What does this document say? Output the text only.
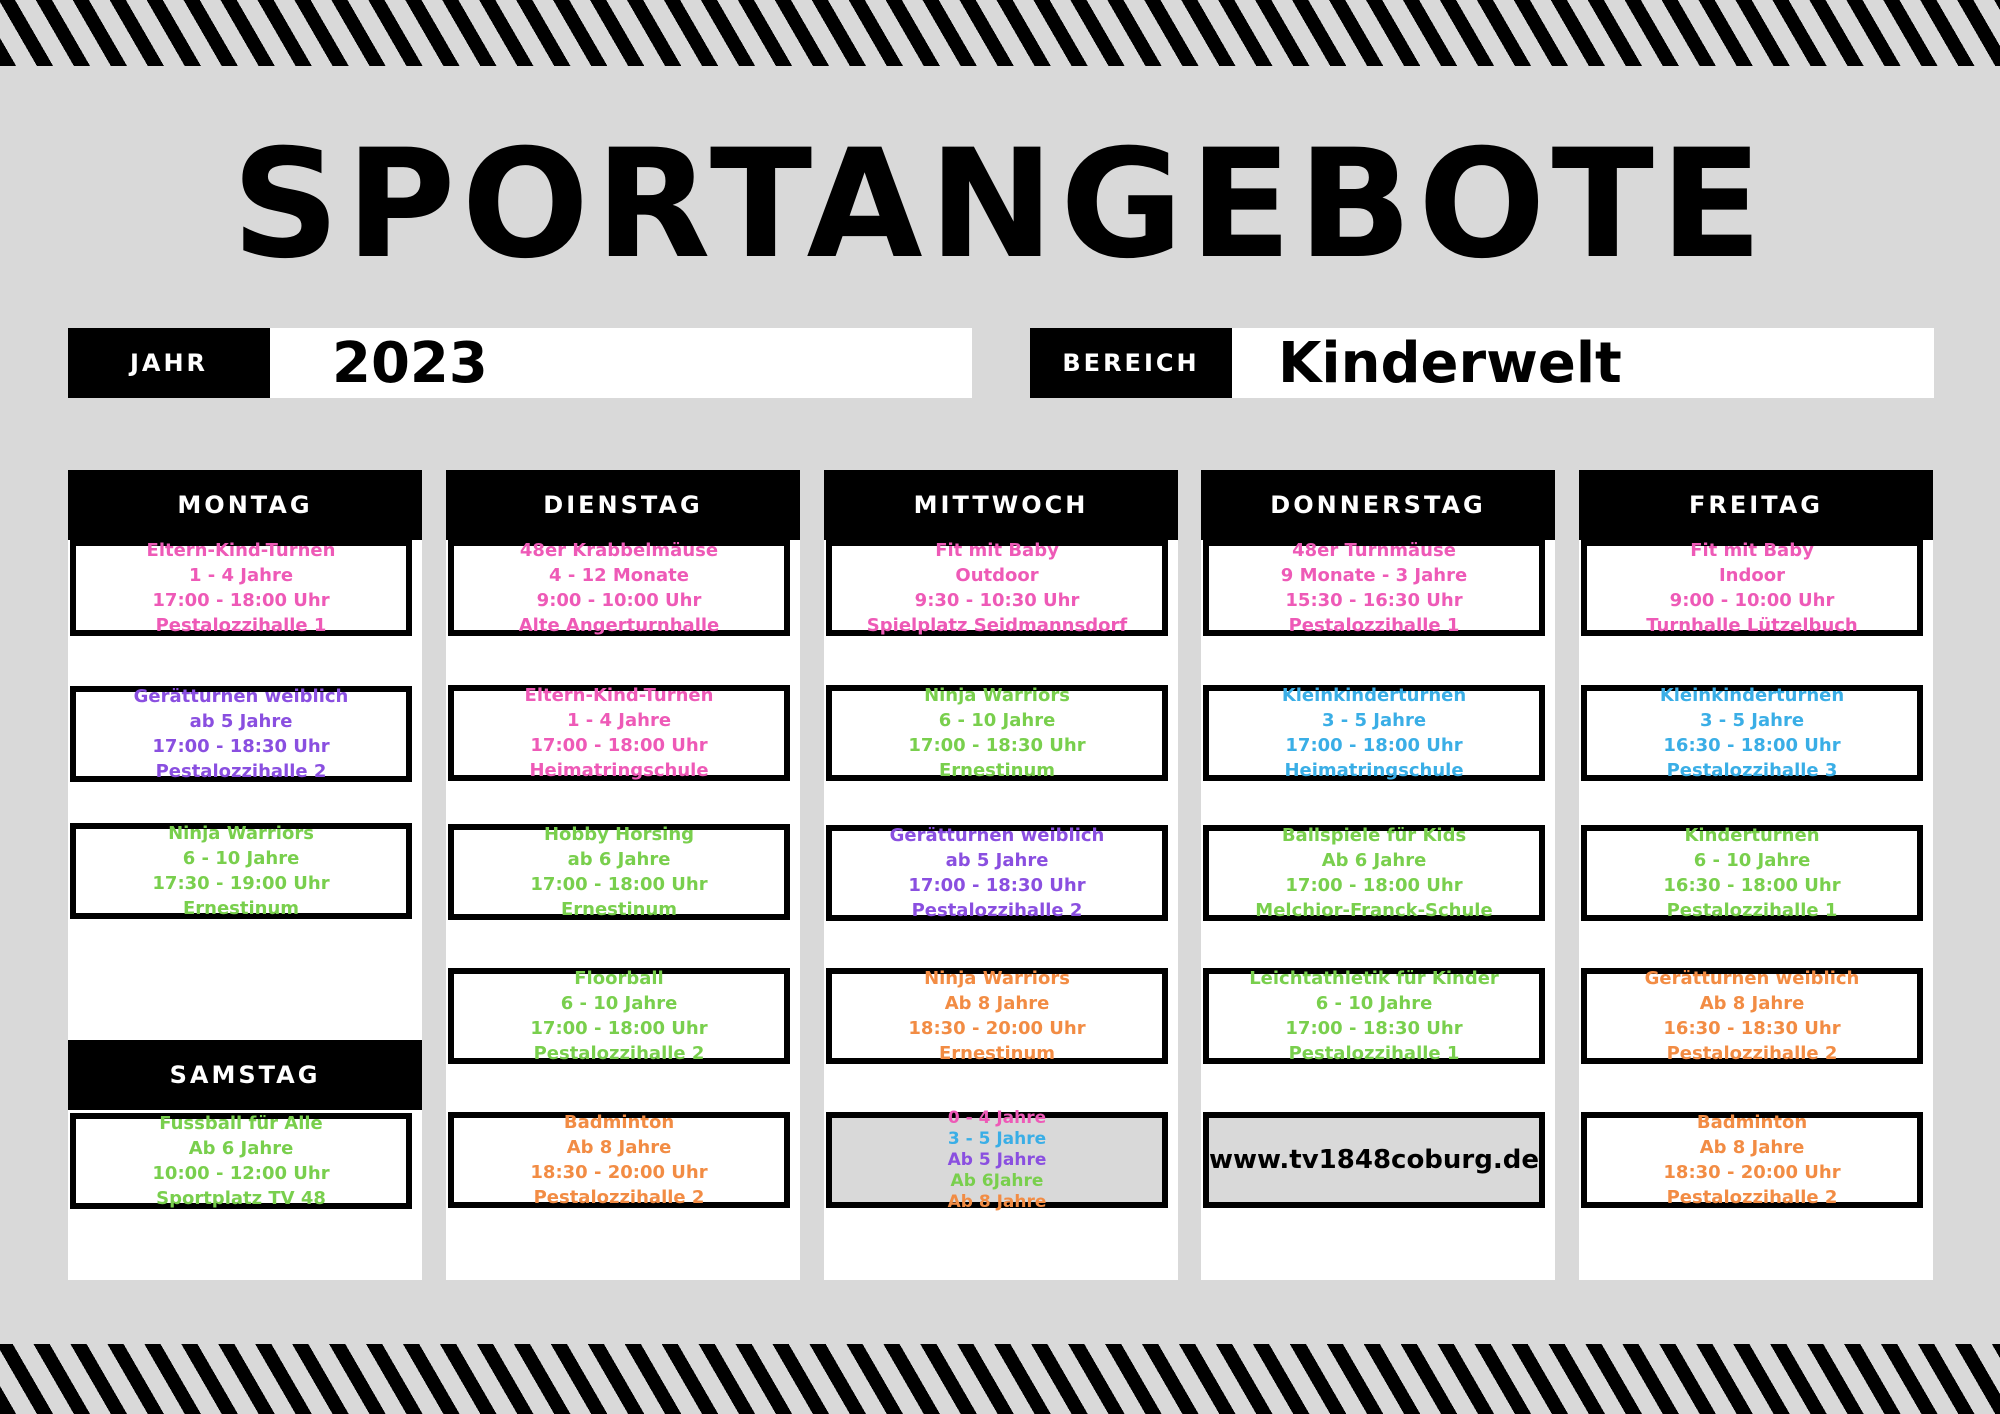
SPORTANGEBOTE
JAHR	2023	BEREICH	Kinderwelt
MONTAG
Eltern-Kind-Turnen
1 - 4 Jahre
17:00 - 18:00 Uhr
Pestalozzihalle 1
Gerätturnen weiblich
ab 5 Jahre
17:00 - 18:30 Uhr
Pestalozzihalle 2
Ninja Warriors
6 - 10 Jahre
17:30 - 19:00 Uhr
Ernestinum
SAMSTAG
Fussball für Alle
Ab 6 Jahre
10:00 - 12:00 Uhr
Sportplatz TV 48
DIENSTAG
48er Krabbelmäuse
4 - 12 Monate
9:00 - 10:00 Uhr
Alte Angerturnhalle
Eltern-Kind-Turnen
1 - 4 Jahre
17:00 - 18:00 Uhr
Heimatringschule
Hobby Horsing
ab 6 Jahre
17:00 - 18:00 Uhr
Ernestinum
Floorball
6 - 10 Jahre
17:00 - 18:00 Uhr
Pestalozzihalle 2
Badminton
Ab 8 Jahre
18:30 - 20:00 Uhr
Pestalozzihalle 2
MITTWOCH
Fit mit Baby
Outdoor
9:30 - 10:30 Uhr
Spielplatz Seidmannsdorf
Ninja Warriors
6 - 10 Jahre
17:00 - 18:30 Uhr
Ernestinum
Gerätturnen weiblich
ab 5 Jahre
17:00 - 18:30 Uhr
Pestalozzihalle 2
Ninja Warriors
Ab 8 Jahre
18:30 - 20:00 Uhr
Ernestinum
0 - 4 Jahre
3 - 5 Jahre
Ab 5 Jahre
Ab 6Jahre
Ab 8 Jahre
DONNERSTAG
48er Turnmäuse
9 Monate - 3 Jahre
15:30 - 16:30 Uhr
Pestalozzihalle 1
Kleinkinderturnen
3 - 5 Jahre
17:00 - 18:00 Uhr
Heimatringschule
Ballspiele für Kids
Ab 6 Jahre
17:00 - 18:00 Uhr
Melchior-Franck-Schule
Leichtathletik für Kinder
6 - 10 Jahre
17:00 - 18:30 Uhr
Pestalozzihalle 1
www.tv1848coburg.de
FREITAG
Fit mit Baby
Indoor
9:00 - 10:00 Uhr
Turnhalle Lützelbuch
Kleinkinderturnen
3 - 5 Jahre
16:30 - 18:00 Uhr
Pestalozzihalle 3
Kinderturnen
6 - 10 Jahre
16:30 - 18:00 Uhr
Pestalozzihalle 1
Gerätturnen weiblich
Ab 8 Jahre
16:30 - 18:30 Uhr
Pestalozzihalle 2
Badminton
Ab 8 Jahre
18:30 - 20:00 Uhr
Pestalozzihalle 2
